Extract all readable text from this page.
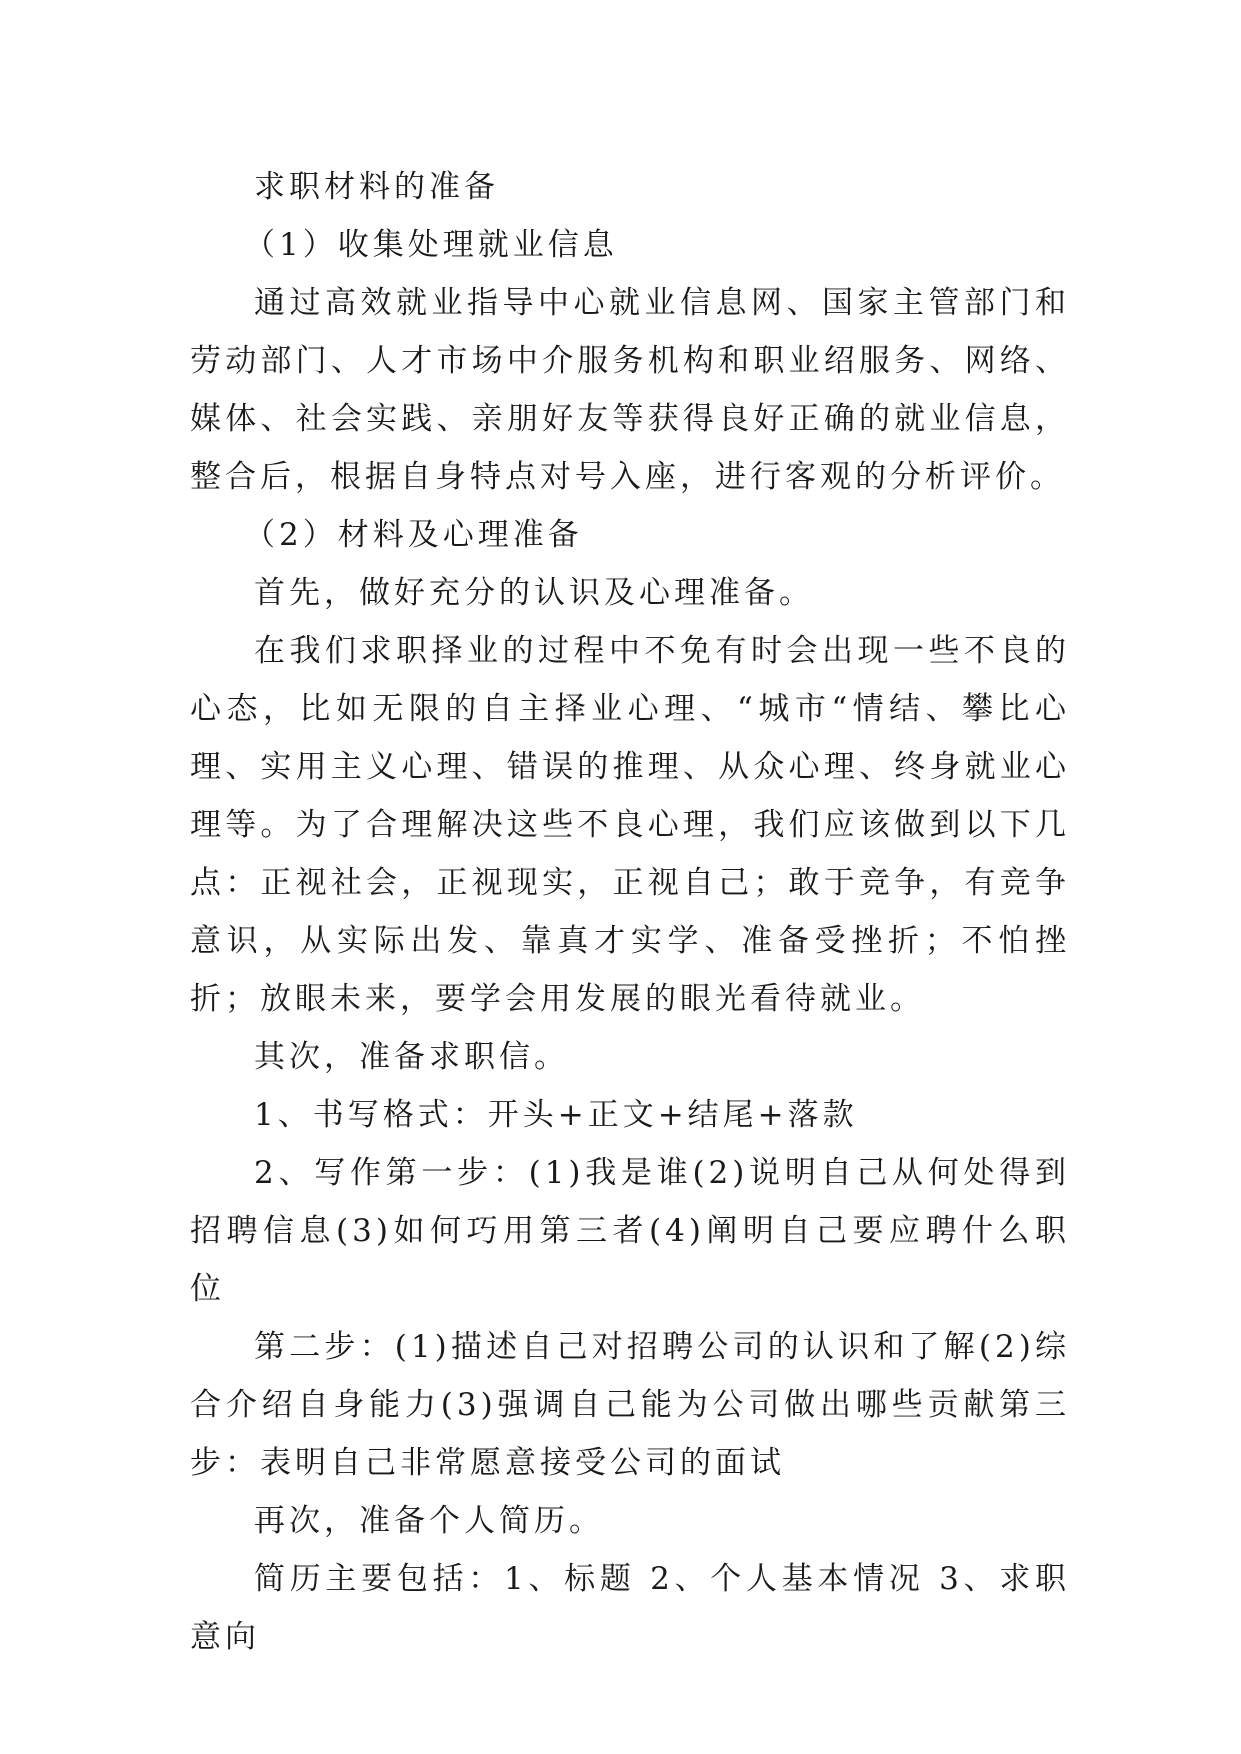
求职材料的准备

（1）收集处理就业信息

通过高效就业指导中心就业信息网、国家主管部门和劳动部门、人才市场中介服务机构和职业绍服务、网络、媒体、社会实践、亲朋好友等获得良好正确的就业信息，整合后，根据自身特点对号入座，进行客观的分析评价。

（2）材料及心理准备

首先，做好充分的认识及心理准备。

在我们求职择业的过程中不免有时会出现一些不良的心态，比如无限的自主择业心理、“城市“情结、攀比心理、实用主义心理、错误的推理、从众心理、终身就业心理等。为了合理解决这些不良心理，我们应该做到以下几点：正视社会，正视现实，正视自己；敢于竞争，有竞争意识，从实际出发、靠真才实学、准备受挫折；不怕挫折；放眼未来，要学会用发展的眼光看待就业。

其次，准备求职信。

1、书写格式：开头+正文+结尾+落款

2、写作第一步：(1)我是谁(2)说明自己从何处得到招聘信息(3)如何巧用第三者(4)阐明自己要应聘什么职位

第二步：(1)描述自己对招聘公司的认识和了解(2)综合介绍自身能力(3)强调自己能为公司做出哪些贡献第三步：表明自己非常愿意接受公司的面试

再次，准备个人简历。

简历主要包括：1、标题 2、个人基本情况 3、求职意向
